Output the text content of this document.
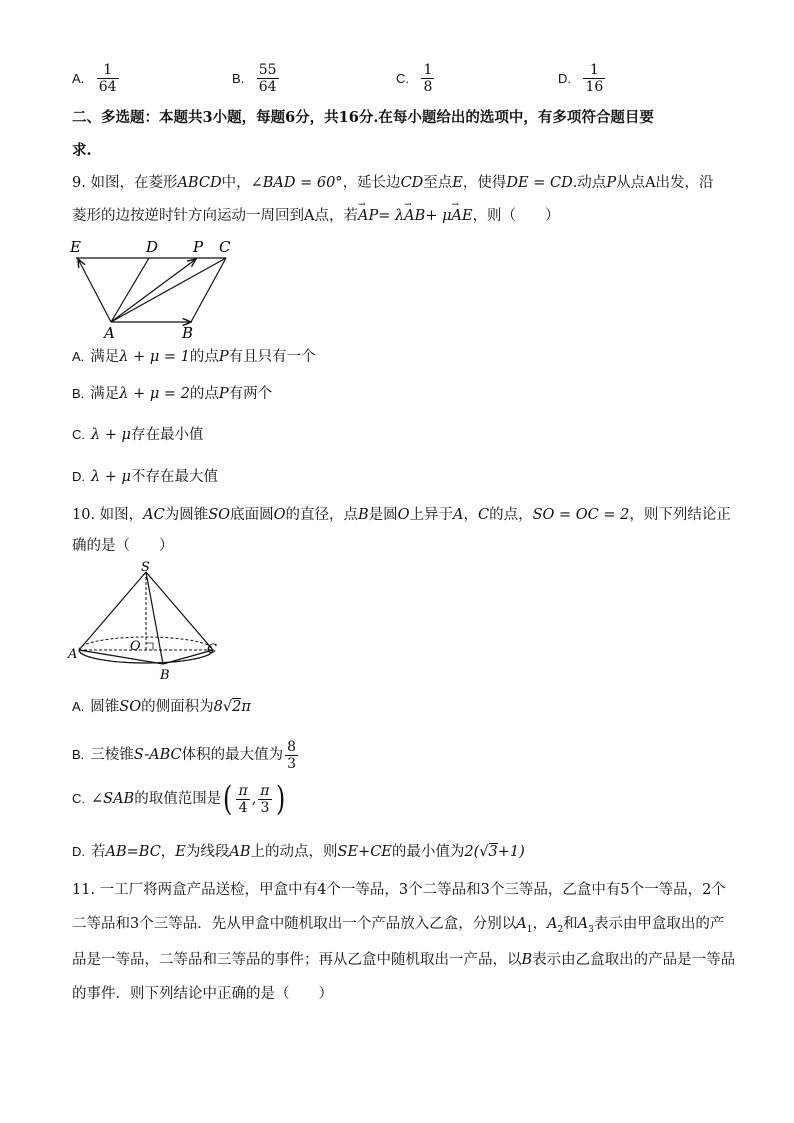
A. $\frac{1}{64}$	B. $\frac{55}{64}$	C. $\frac{1}{8}$	D. $\frac{1}{16}$
二、多选题：本题共3小题，每题6分，共16分.在每小题给出的选项中，有多项符合题目要
求.
9. 如图，在菱形ABCD中，∠BAD = 60°，延长边CD至点E，使得DE = CD.动点P从点A出发，沿
菱形的边按逆时针方向运动一周回到A点，若→ AP= λ→ AB+ μ→ AE，则（　　）
E	D P C
A	B
A. 满足λ + μ = 1的点P有且只有一个
B. 满足λ + μ = 2的点P有两个
C. λ + μ存在最小值
D. λ + μ不存在最大值
10. 如图，AC为圆锥SO底面圆O的直径，点B是圆O上异于A，C的点，SO = OC = 2，则下列结论正
确的是（　　）
S
A
O	C
B
A. 圆锥SO的侧面积为8√2π
B. 三棱锥S-ABC体积的最大值为 $\frac{8}{3}$
C. ∠SAB的取值范围是( $\frac{\pi}{4}$ , $\frac{\pi}{3}$ )
D. 若AB=BC，E为线段AB上的动点，则SE+CE的最小值为2(√3+1)
11. 一工厂将两盒产品送检，甲盒中有4个一等品，3个二等品和3个三等品，乙盒中有5个一等品，2个
二等品和3个三等品．先从甲盒中随机取出一个产品放入乙盒，分别以$A_1$，$A_2$和$A_3$表示由甲盒取出的产
品是一等品，二等品和三等品的事件；再从乙盒中随机取出一产品，以B表示由乙盒取出的产品是一等品
的事件．则下列结论中正确的是（　　）
